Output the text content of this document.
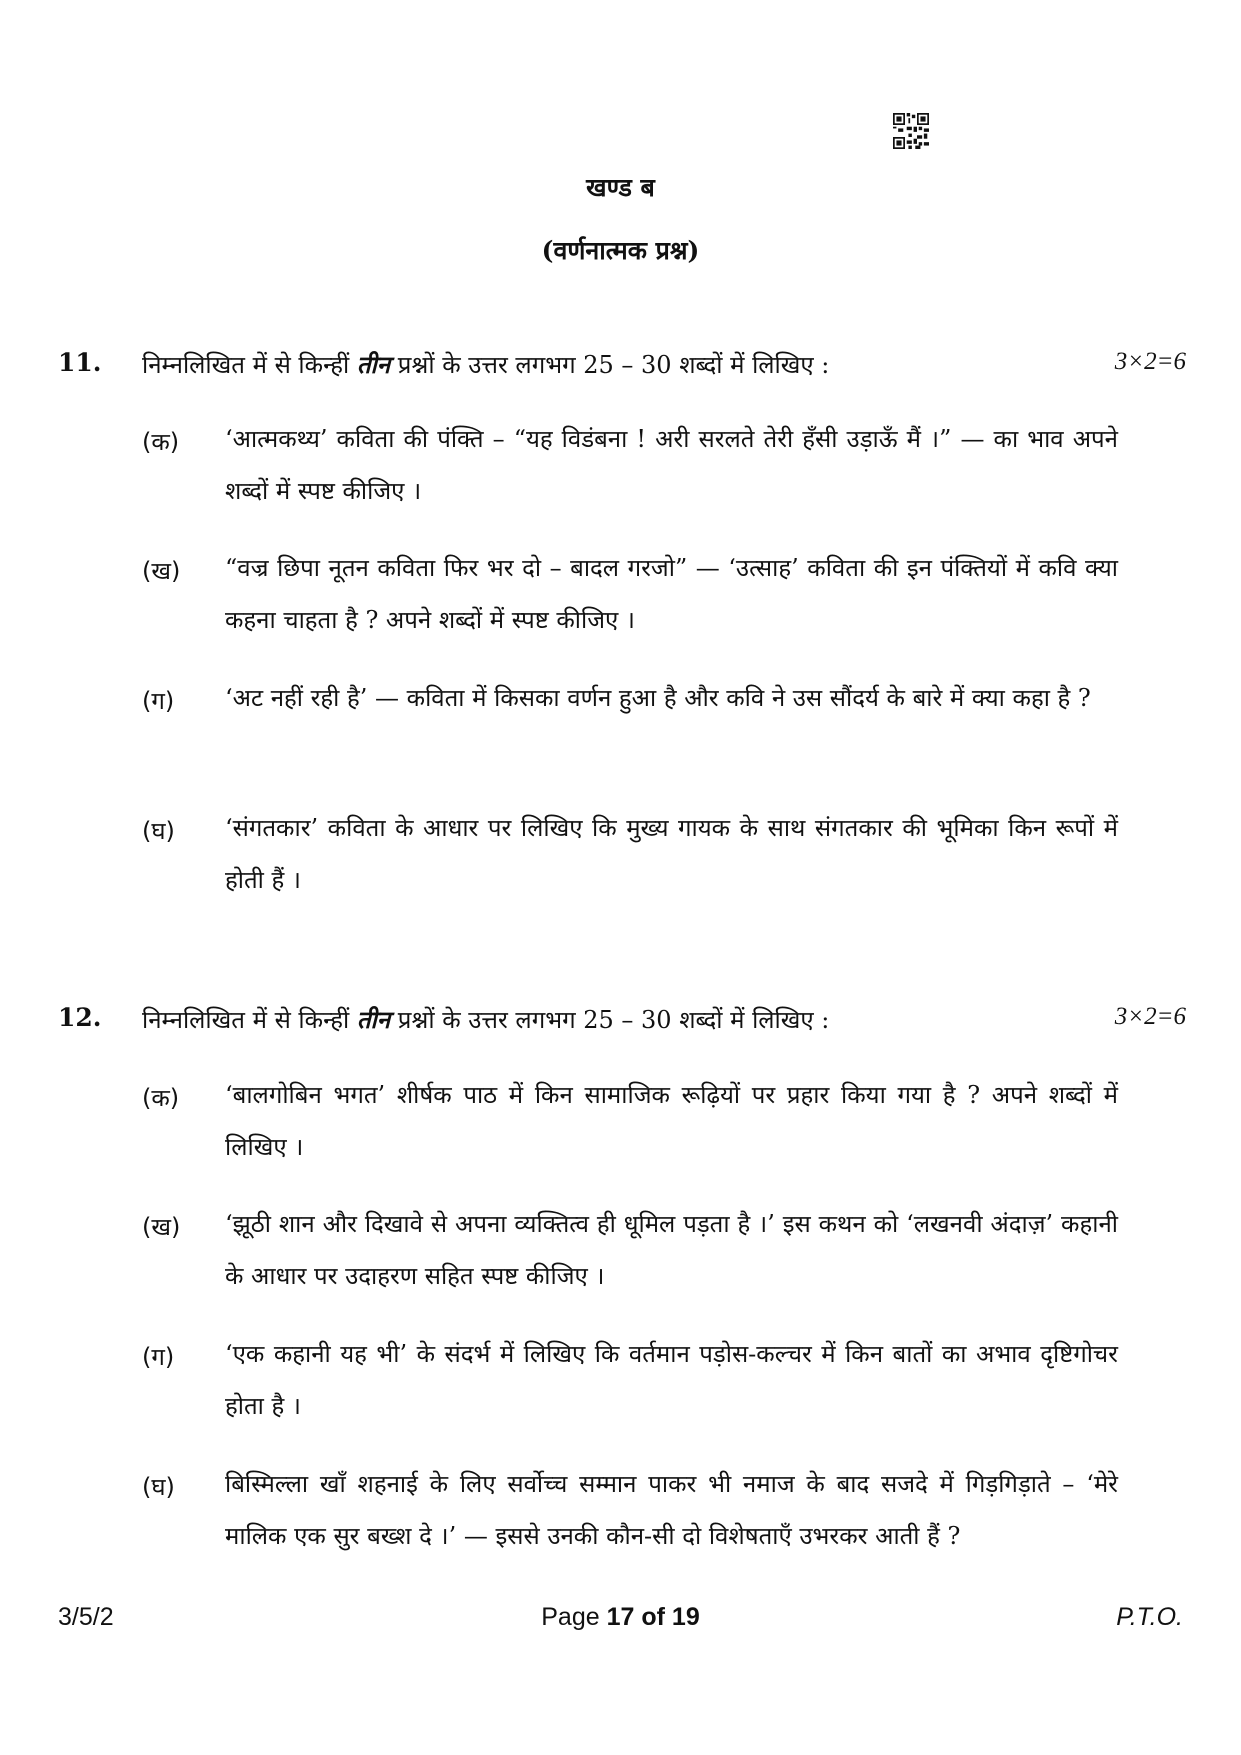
खण्ड ब
(वर्णनात्मक प्रश्न)
11. निम्नलिखित में से किन्हीं तीन प्रश्नों के उत्तर लगभग 25 – 30 शब्दों में लिखिए :	3×2=6
(क) ‘आत्मकथ्य’ कविता की पंक्ति – “यह विडंबना ! अरी सरलते तेरी हँसी उड़ाऊँ मैं ।” — का भाव अपने शब्दों में स्पष्ट कीजिए ।
(ख) “वज्र छिपा नूतन कविता फिर भर दो – बादल गरजो” — ‘उत्साह’ कविता की इन पंक्तियों में कवि क्या कहना चाहता है ? अपने शब्दों में स्पष्ट कीजिए ।
(ग) ‘अट नहीं रही है’ — कविता में किसका वर्णन हुआ है और कवि ने उस सौंदर्य के बारे में क्या कहा है ?
(घ) ‘संगतकार’ कविता के आधार पर लिखिए कि मुख्य गायक के साथ संगतकार की भूमिका किन रूपों में होती हैं ।
12. निम्नलिखित में से किन्हीं तीन प्रश्नों के उत्तर लगभग 25 – 30 शब्दों में लिखिए :	3×2=6
(क) ‘बालगोबिन भगत’ शीर्षक पाठ में किन सामाजिक रूढ़ियों पर प्रहार किया गया है ? अपने शब्दों में लिखिए ।
(ख) ‘झूठी शान और दिखावे से अपना व्यक्तित्व ही धूमिल पड़ता है ।’ इस कथन को ‘लखनवी अंदाज़’ कहानी के आधार पर उदाहरण सहित स्पष्ट कीजिए ।
(ग) ‘एक कहानी यह भी’ के संदर्भ में लिखिए कि वर्तमान पड़ोस-कल्चर में किन बातों का अभाव दृष्टिगोचर होता है ।
(घ) बिस्मिल्ला खाँ शहनाई के लिए सर्वोच्च सम्मान पाकर भी नमाज के बाद सजदे में गिड़गिड़ाते – ‘मेरे मालिक एक सुर बख्श दे ।’ — इससे उनकी कौन-सी दो विशेषताएँ उभरकर आती हैं ?
3/5/2	Page 17 of 19	P.T.O.
